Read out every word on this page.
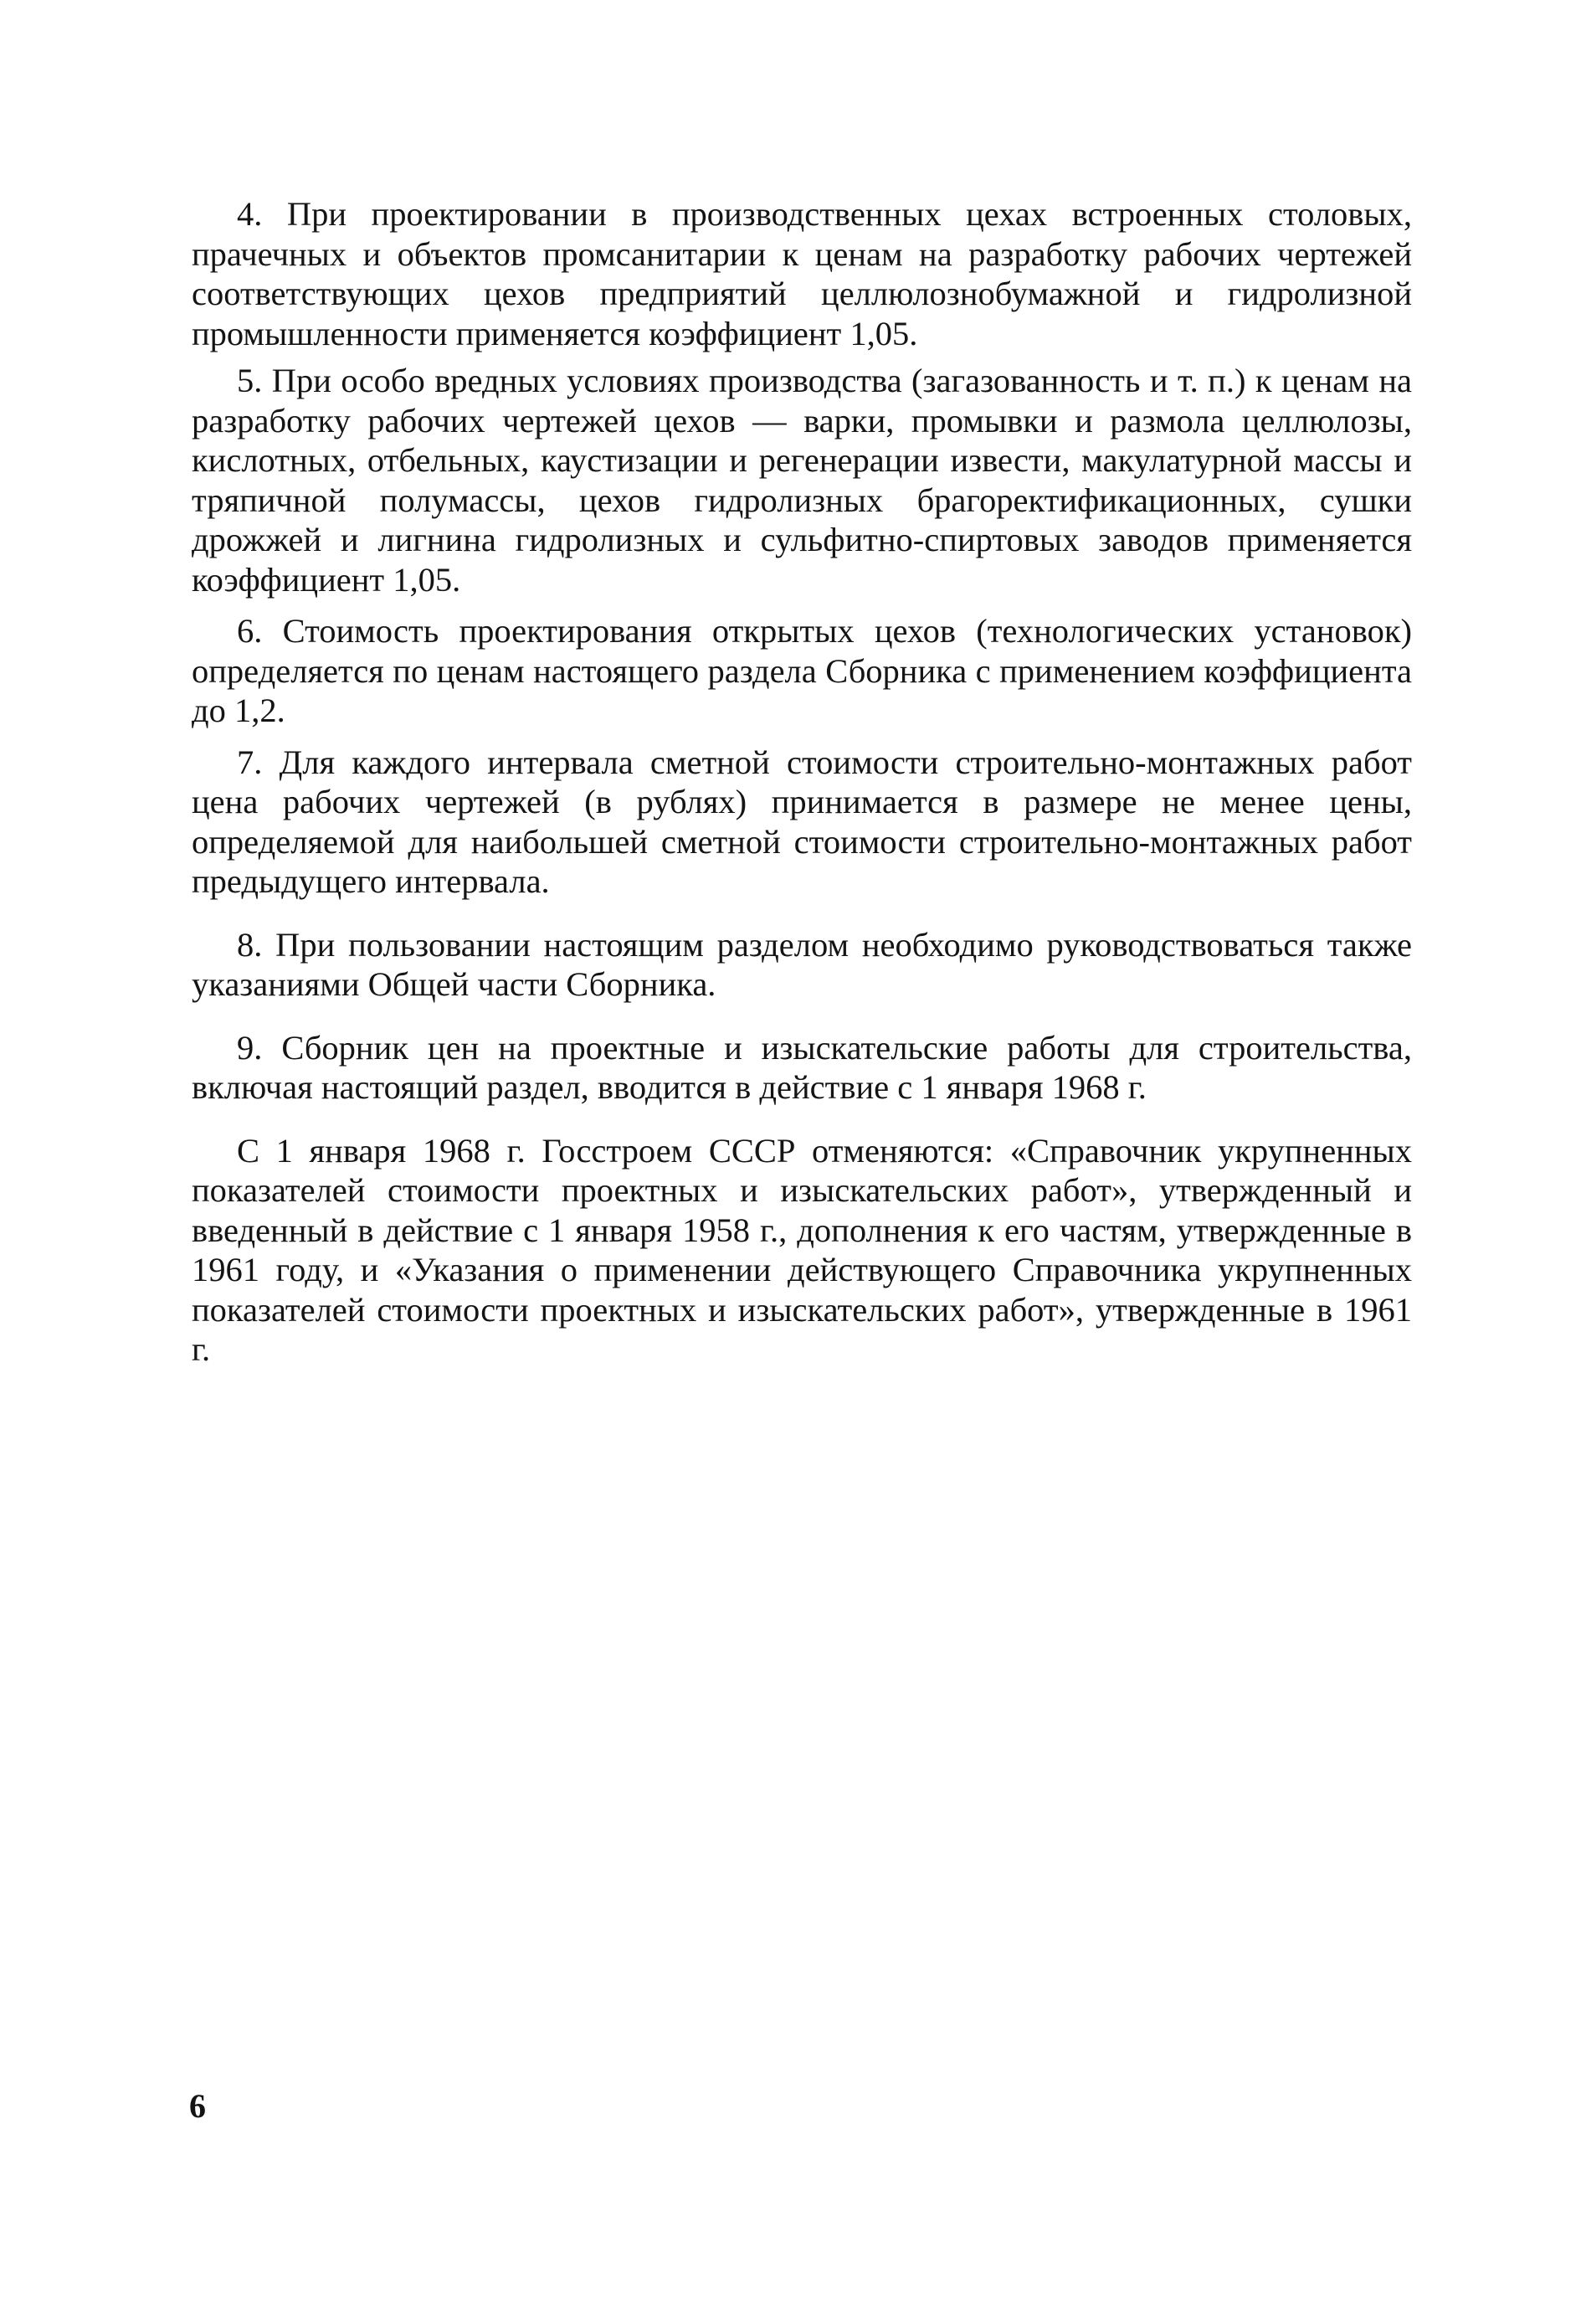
4. При проектировании в производственных цехах встроенных столовых, прачечных и объектов промсанитарии к ценам на разработку рабочих чертежей соответствующих цехов предприятий целлюлознобумажной и гидролизной промышленности применяется коэффициент 1,05.

5. При особо вредных условиях производства (загазованность и т. п.) к ценам на разработку рабочих чертежей цехов — варки, промывки и размола целлюлозы, кислотных, отбельных, каустизации и регенерации извести, макулатурной массы и тряпичной полумассы, цехов гидролизных брагоректификационных, сушки дрожжей и лигнина гидролизных и сульфитно-спиртовых заводов применяется коэффициент 1,05.

6. Стоимость проектирования открытых цехов (технологических установок) определяется по ценам настоящего раздела Сборника с применением коэффициента до 1,2.

7. Для каждого интервала сметной стоимости строительно-монтажных работ цена рабочих чертежей (в рублях) принимается в размере не менее цены, определяемой для наибольшей сметной стоимости строительно-монтажных работ предыдущего интервала.

8. При пользовании настоящим разделом необходимо руководствоваться также указаниями Общей части Сборника.

9. Сборник цен на проектные и изыскательские работы для строительства, включая настоящий раздел, вводится в действие с 1 января 1968 г.

С 1 января 1968 г. Госстроем СССР отменяются: «Справочник укрупненных показателей стоимости проектных и изыскательских работ», утвержденный и введенный в действие с 1 января 1958 г., дополнения к его частям, утвержденные в 1961 году, и «Указания о применении действующего Справочника укрупненных показателей стоимости проектных и изыскательских работ», утвержденные в 1961 г.

6
